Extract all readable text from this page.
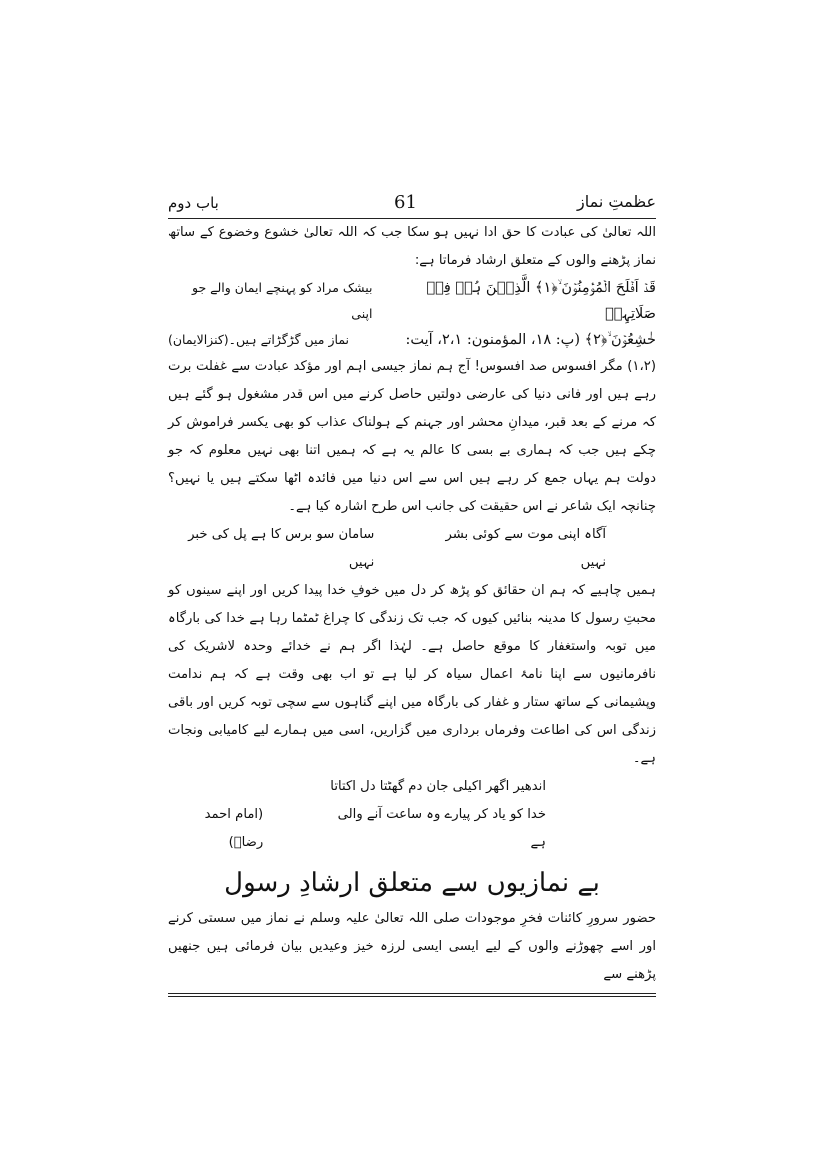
عظمتِ نماز
61
باب دوم

اللہ تعالیٰ کی عبادت کا حق ادا نہیں ہو سکا جب کہ اللہ تعالیٰ خشوع وخضوع کے ساتھ نماز پڑھنے والوں کے متعلق ارشاد فرماتا ہے:

قَدۡ اَفۡلَحَ الۡمُؤۡمِنُوۡنَ ۙ﴿۱﴾ الَّذِیۡنَ ہُمۡ فِیۡ صَلَاتِہِمۡ
بیشک مراد کو پہنچے ایمان والے جو اپنی
خٰشِعُوۡنَ ۙ﴿۲﴾ (پ: ۱۸، المؤمنون: ۲،۱، آیت:
نماز میں گڑگڑاتے ہیں۔(کنزالایمان)

(۱،۲) مگر افسوس صد افسوس! آج ہم نماز جیسی اہم اور مؤکد عبادت سے غفلت برت رہے ہیں اور فانی دنیا کی عارضی دولتیں حاصل کرنے میں اس قدر مشغول ہو گئے ہیں کہ مرنے کے بعد قبر، میدانِ محشر اور جہنم کے ہولناک عذاب کو بھی یکسر فراموش کر چکے ہیں جب کہ ہماری بے بسی کا عالم یہ ہے کہ ہمیں اتنا بھی نہیں معلوم کہ جو دولت ہم یہاں جمع کر رہے ہیں اس سے اس دنیا میں فائدہ اٹھا سکتے ہیں یا نہیں؟ چنانچہ ایک شاعر نے اس حقیقت کی جانب اس طرح اشارہ کیا ہے۔

آگاہ اپنی موت سے کوئی بشر نہیں
سامان سو برس کا ہے پل کی خبر نہیں

ہمیں چاہیے کہ ہم ان حقائق کو پڑھ کر دل میں خوفِ خدا پیدا کریں اور اپنے سینوں کو محبتِ رسول کا مدینہ بنائیں کیوں کہ جب تک زندگی کا چراغ ٹمٹما رہا ہے خدا کی بارگاہ میں توبہ واستغفار کا موقع حاصل ہے۔ لہٰذا اگر ہم نے خدائے وحدہ لاشریک کی نافرمانیوں سے اپنا نامۂ اعمال سیاہ کر لیا ہے تو اب بھی وقت ہے کہ ہم ندامت وپشیمانی کے ساتھ ستار و غفار کی بارگاہ میں اپنے گناہوں سے سچی توبہ کریں اور باقی زندگی اس کی اطاعت وفرماں برداری میں گزاریں، اسی میں ہمارے لیے کامیابی ونجات ہے۔

اندھیر اگھر اکیلی جان دم گھٹتا دل اکتاتا

خدا کو یاد کر پیارے وہ ساعت آنے والی ہے
(امام احمد رضاؔ)
بے نمازیوں سے متعلق ارشادِ رسول

حضور سرورِ کائنات فخرِ موجودات صلی اللہ تعالیٰ علیہ وسلم نے نماز میں سستی کرنے اور اسے چھوڑنے والوں کے لیے ایسی ایسی لرزہ خیز وعیدیں بیان فرمائی ہیں جنھیں پڑھنے سے
